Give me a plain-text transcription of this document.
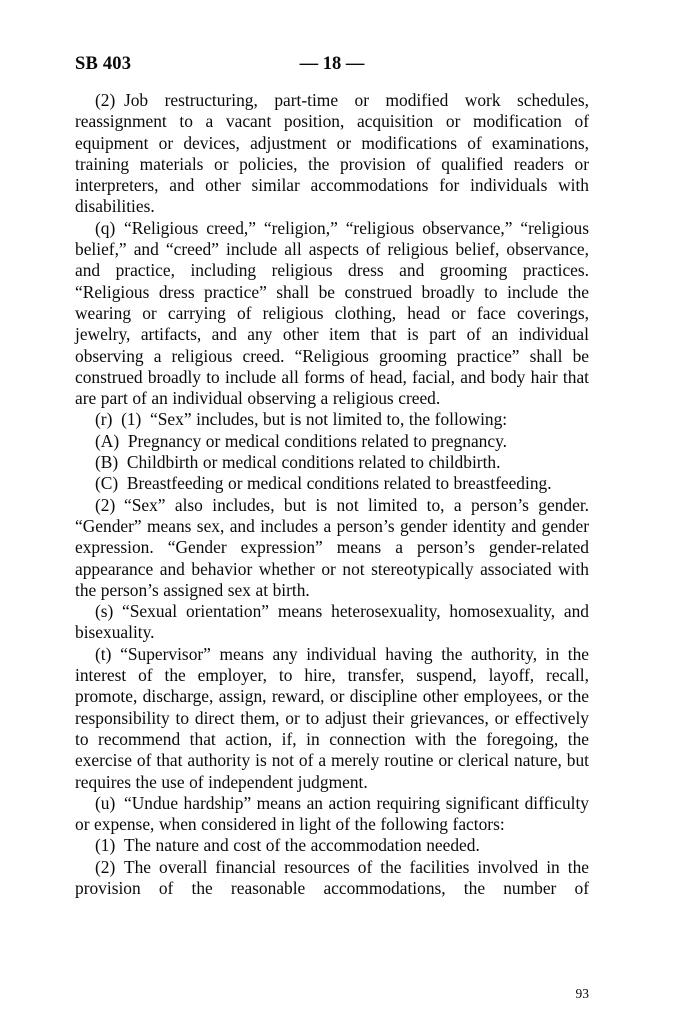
SB 403	— 18 —

(2) Job restructuring, part-time or modified work schedules, reassignment to a vacant position, acquisition or modification of equipment or devices, adjustment or modifications of examinations, training materials or policies, the provision of qualified readers or interpreters, and other similar accommodations for individuals with disabilities.

(q) “Religious creed,” “religion,” “religious observance,” “religious belief,” and “creed” include all aspects of religious belief, observance, and practice, including religious dress and grooming practices. “Religious dress practice” shall be construed broadly to include the wearing or carrying of religious clothing, head or face coverings, jewelry, artifacts, and any other item that is part of an individual observing a religious creed. “Religious grooming practice” shall be construed broadly to include all forms of head, facial, and body hair that are part of an individual observing a religious creed.

(r) (1) “Sex” includes, but is not limited to, the following:

(A) Pregnancy or medical conditions related to pregnancy.

(B) Childbirth or medical conditions related to childbirth.

(C) Breastfeeding or medical conditions related to breastfeeding.

(2) “Sex” also includes, but is not limited to, a person’s gender. “Gender” means sex, and includes a person’s gender identity and gender expression. “Gender expression” means a person’s gender-related appearance and behavior whether or not stereotypically associated with the person’s assigned sex at birth.

(s) “Sexual orientation” means heterosexuality, homosexuality, and bisexuality.

(t) “Supervisor” means any individual having the authority, in the interest of the employer, to hire, transfer, suspend, layoff, recall, promote, discharge, assign, reward, or discipline other employees, or the responsibility to direct them, or to adjust their grievances, or effectively to recommend that action, if, in connection with the foregoing, the exercise of that authority is not of a merely routine or clerical nature, but requires the use of independent judgment.

(u) “Undue hardship” means an action requiring significant difficulty or expense, when considered in light of the following factors:

(1) The nature and cost of the accommodation needed.

(2) The overall financial resources of the facilities involved in the provision of the reasonable accommodations, the number of

93
